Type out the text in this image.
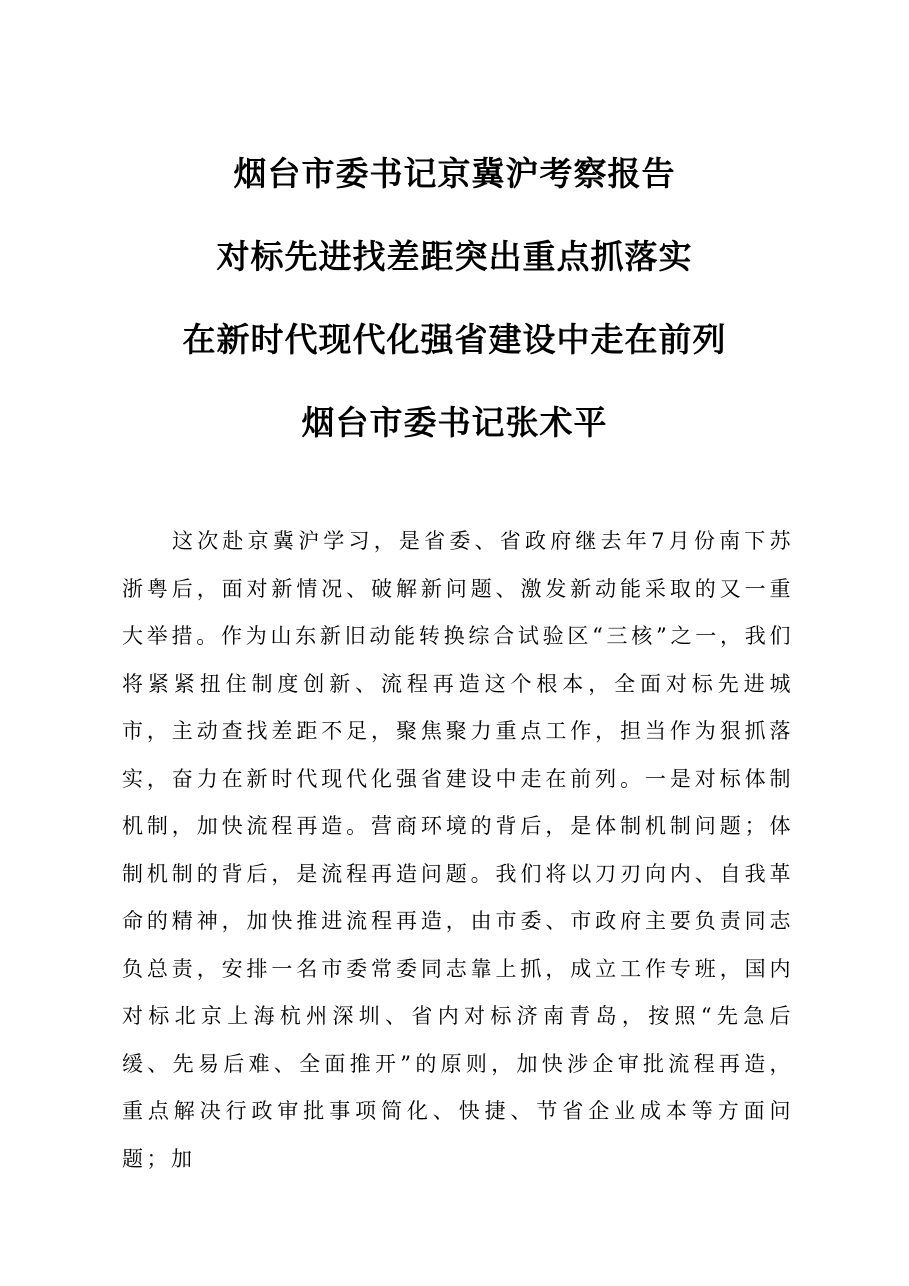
烟台市委书记京冀沪考察报告
对标先进找差距突出重点抓落实
在新时代现代化强省建设中走在前列
烟台市委书记张术平

这次赴京冀沪学习，是省委、省政府继去年7月份南下苏浙粤后，面对新情况、破解新问题、激发新动能采取的又一重大举措。作为山东新旧动能转换综合试验区“三核”之一，我们将紧紧扭住制度创新、流程再造这个根本，全面对标先进城市，主动查找差距不足，聚焦聚力重点工作，担当作为狠抓落实，奋力在新时代现代化强省建设中走在前列。一是对标体制机制，加快流程再造。营商环境的背后，是体制机制问题；体制机制的背后，是流程再造问题。我们将以刀刃向内、自我革命的精神，加快推进流程再造，由市委、市政府主要负责同志负总责，安排一名市委常委同志靠上抓，成立工作专班，国内对标北京上海杭州深圳、省内对标济南青岛，按照“先急后缓、先易后难、全面推开”的原则，加快涉企审批流程再造，重点解决行政审批事项简化、快捷、节省企业成本等方面问题；加
